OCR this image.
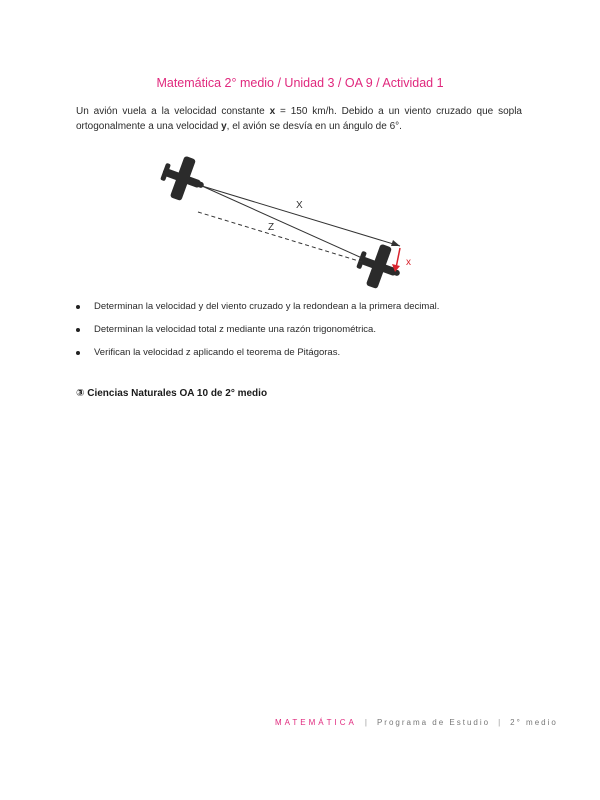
Matemática 2° medio / Unidad 3 / OA 9 / Actividad 1
Un avión vuela a la velocidad constante x = 150 km/h. Debido a un viento cruzado que sopla ortogonalmente a una velocidad y, el avión se desvía en un ángulo de 6°.
X
Z
x
Determinan la velocidad y del viento cruzado y la redondean a la primera decimal.
Determinan la velocidad total z mediante una razón trigonométrica.
Verifican la velocidad z aplicando el teorema de Pitágoras.
③ Ciencias Naturales OA 10 de 2° medio
MATEMÁTICA | Programa de Estudio | 2° medio
